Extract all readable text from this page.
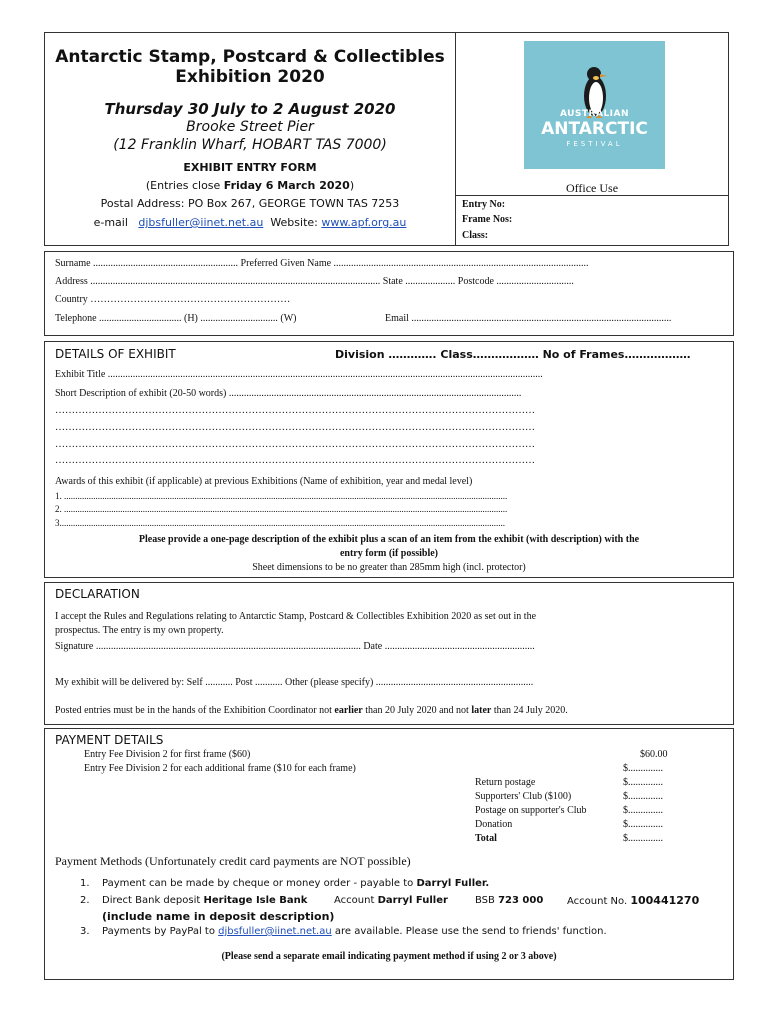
Antarctic Stamp, Postcard & Collectibles
Exhibition 2020
Thursday 30 July to 2 August 2020
Brooke Street Pier
(12 Franklin Wharf, HOBART TAS 7000)
EXHIBIT ENTRY FORM
(Entries close Friday 6 March 2020)
Postal Address: PO Box 267, GEORGE TOWN TAS 7253
e-mail djbsfuller@iinet.net.au Website: www.apf.org.au
AUSTRALIAN
ANTARCTIC
FESTIVAL
Office Use
Entry No:
Frame Nos:
Class:
Surname .......................................................... Preferred Given Name ......................................................................................................
Address .................................................................................................................... State .................... Postcode ...............................
Country ……………………………………………………
Telephone ................................. (H) ............................... (W)	Email ........................................................................................................
DETAILS OF EXHIBIT	Division …………. Class……………… No of Frames………………
Exhibit Title ..............................................................................................................................................................................
Short Description of exhibit (20-50 words) .....................................................................................................................
………………………………………………………………………………………………………………………………
………………………………………………………………………………………………………………………………
………………………………………………………………………………………………………………………………
………………………………………………………………………………………………………………………………
Awards of this exhibit (if applicable) at previous Exhibitions (Name of exhibition, year and medal level)
1. .....................................................................................................................................................................................................
2. .....................................................................................................................................................................................................
3......................................................................................................................................................................................................
Please provide a one-page description of the exhibit plus a scan of an item from the exhibit (with description) with the
entry form (if possible)
Sheet dimensions to be no greater than 285mm high (incl. protector)
DECLARATION
I accept the Rules and Regulations relating to Antarctic Stamp, Postcard & Collectibles Exhibition 2020 as set out in the
prospectus. The entry is my own property.
Signature .......................................................................................................... Date ............................................................
My exhibit will be delivered by: Self ........... Post ........... Other (please specify) ...............................................................
Posted entries must be in the hands of the Exhibition Coordinator not earlier than 20 July 2020 and not later than 24 July 2020.
PAYMENT DETAILS
Entry Fee Division 2 for first frame ($60)	$60.00
Entry Fee Division 2 for each additional frame ($10 for each frame)	$..............
Return postage	$..............
Supporters' Club ($100)	$..............
Postage on supporter's Club	$..............
Donation	$..............
Total	$..............
Payment Methods (Unfortunately credit card payments are NOT possible)
1. Payment can be made by cheque or money order - payable to Darryl Fuller.
2. Direct Bank deposit Heritage Isle Bank	Account Darryl Fuller	BSB 723 000 Account No. 100441270
(include name in deposit description)
3. Payments by PayPal to djbsfuller@iinet.net.au are available. Please use the send to friends' function.
(Please send a separate email indicating payment method if using 2 or 3 above)
